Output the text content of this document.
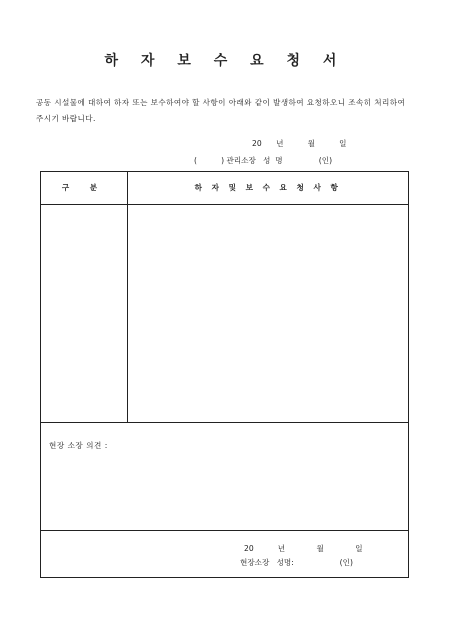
하 자 보 수 요 청 서
공동 시설물에 대하여 하자 또는 보수하여야 할 사항이 아래와 같이 발생하여 요청하오니 조속히 처리하여 주시기 바랍니다.
20      년          월          일
(          ) 관리소장   성  명               (인)
구 분	하 자 및 보 수 요 청 사 항
현장 소장 의견 :
20          년             월             일
현장소장   성명:                   (인)
